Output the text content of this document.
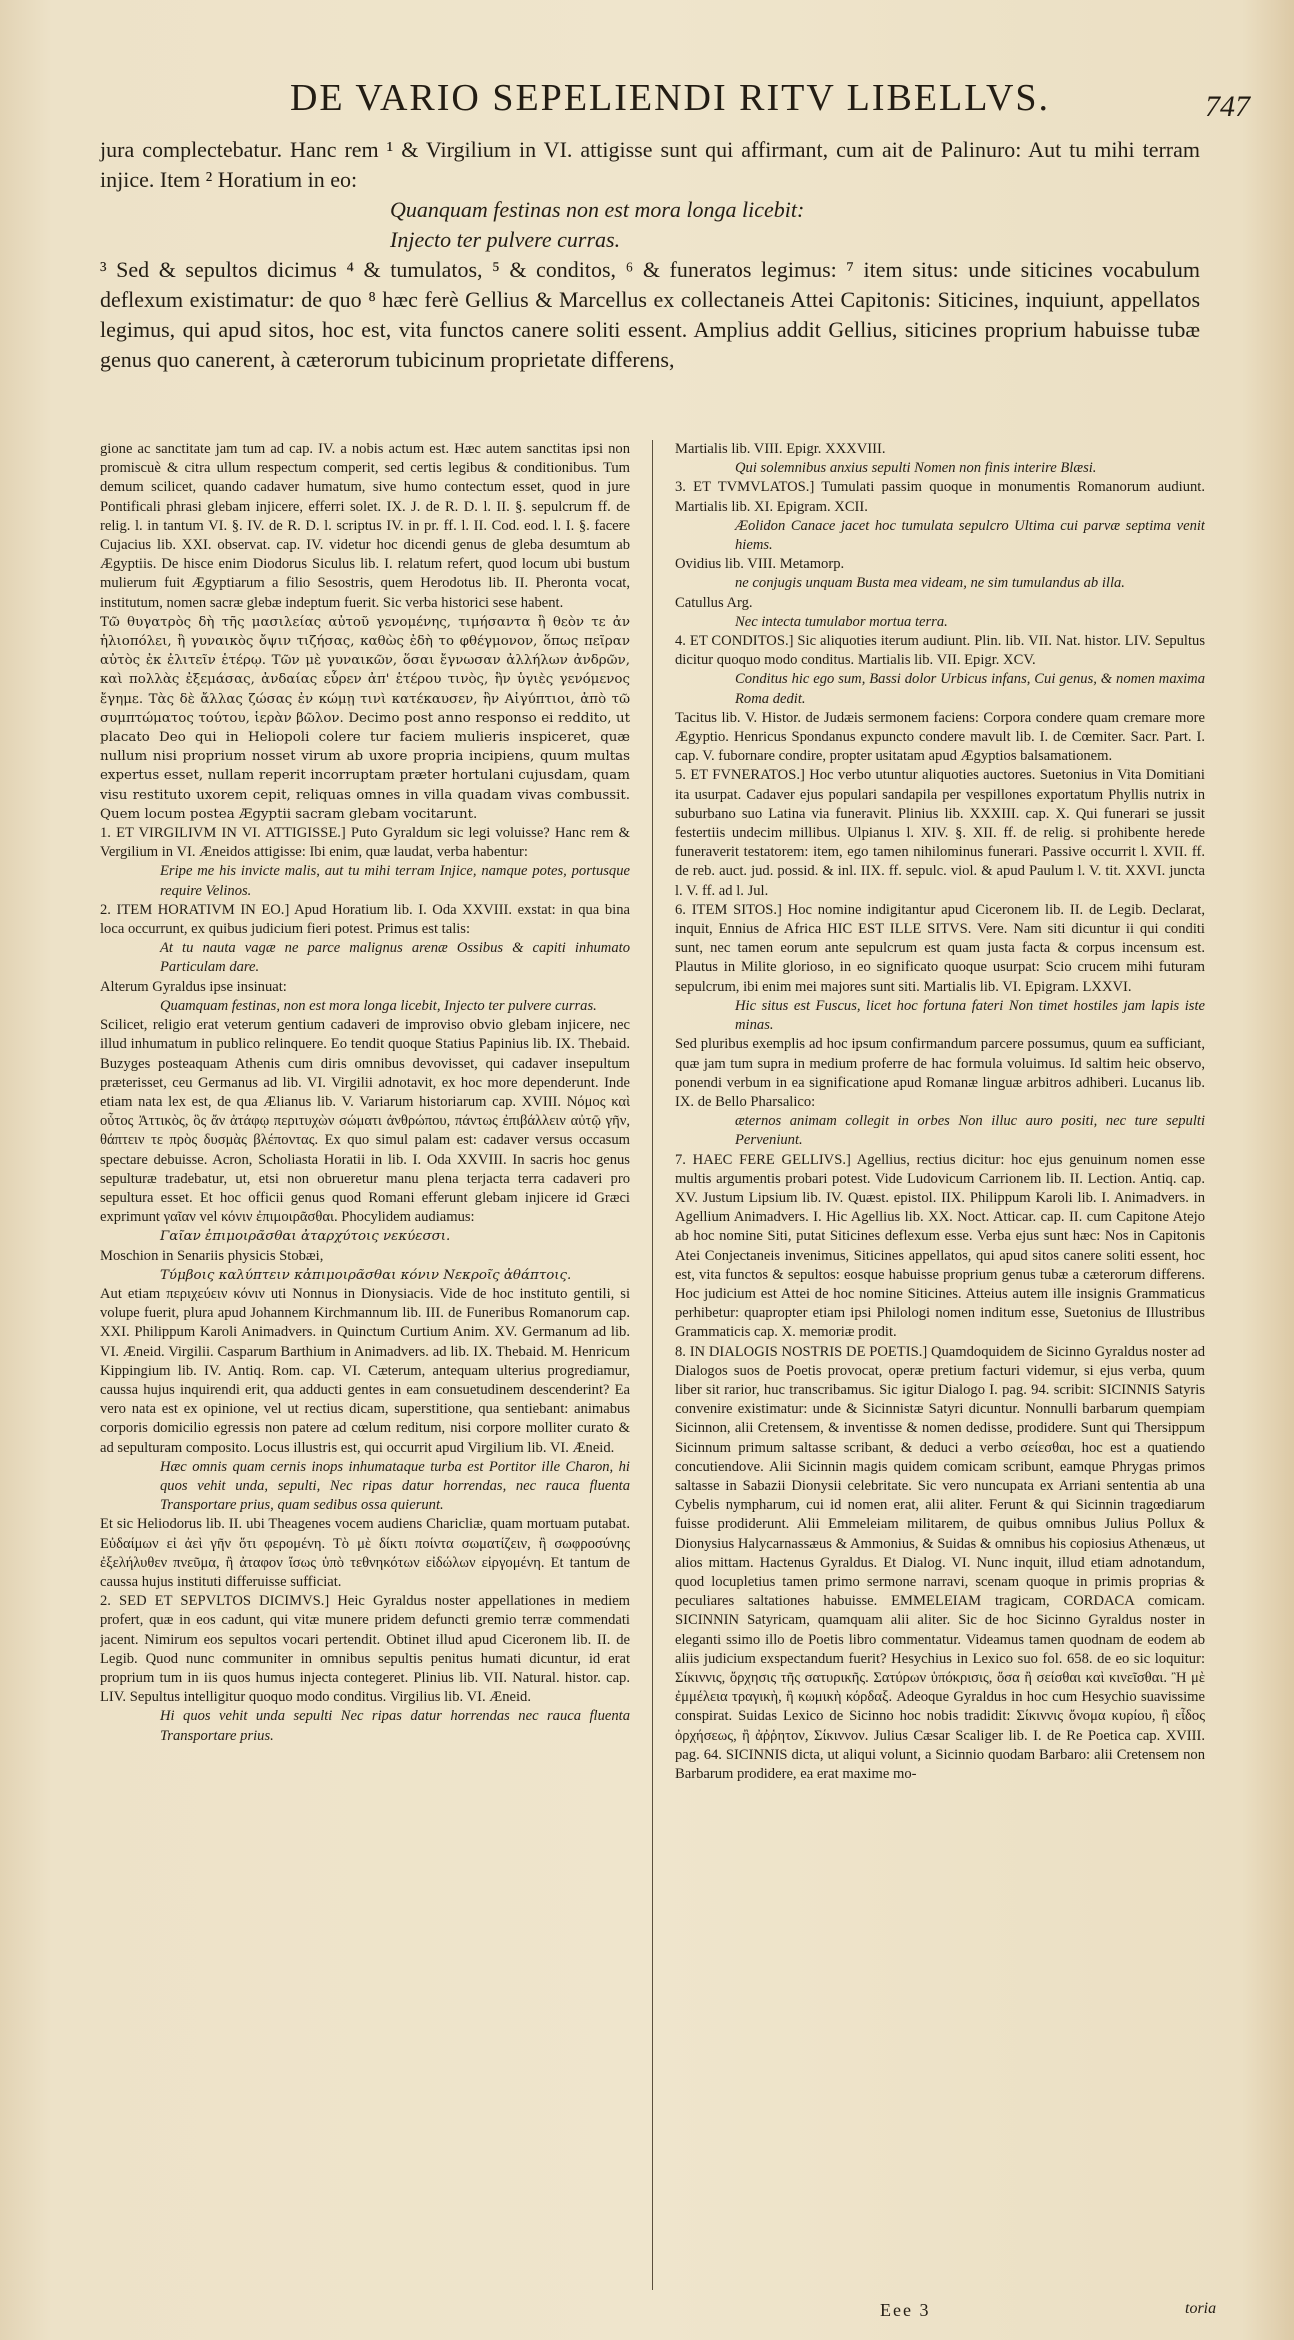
DE VARIO SEPELIENDI RITV LIBELLVS.	747

jura complectebatur. Hanc rem ¹ & Virgilium in VI. attigisse sunt qui affirmant, cum ait de Palinuro: Aut tu mihi terram injice. Item ² Horatium in eo:

Quanquam festinas non est mora longa licebit:

Injecto ter pulvere curras.

³ Sed & sepultos dicimus ⁴ & tumulatos, ⁵ & conditos, ⁶ & funeratos legimus: ⁷ item situs: unde siticines vocabulum deflexum existimatur: de quo ⁸ hæc ferè Gellius & Marcellus ex collectaneis Attei Capitonis: Siticines, inquiunt, appellatos legimus, qui apud sitos, hoc est, vita functos canere soliti essent. Amplius addit Gellius, siticines proprium habuisse tubæ genus quo canerent, à cæterorum tubicinum proprietate differens,

gione ac sanctitate jam tum ad cap. IV. a nobis actum est. Hæc autem sanctitas ipsi non promiscuè & citra ullum respectum comperit, sed certis legibus & conditionibus. Tum demum scilicet, quando cadaver humatum, sive humo contectum esset, quod in jure Pontificali phrasi glebam injicere, efferri solet. IX. J. de R. D. l. II. §. sepulcrum ff. de relig. l. in tantum VI. §. IV. de R. D. l. scriptus IV. in pr. ff. l. II. Cod. eod. l. I. §. facere Cujacius lib. XXI. observat. cap. IV. videtur hoc dicendi genus de gleba desumtum ab Ægyptiis. De hisce enim Diodorus Siculus lib. I. relatum refert, quod locum ubi bustum mulierum fuit Ægyptiarum a filio Sesostris, quem Herodotus lib. II. Pheronta vocat, institutum, nomen sacræ glebæ indeptum fuerit. Sic verba historici sese habent.

Τῶ θυγατρὸς δὴ τῆς μασιλείας αὐτοῦ γενομένης, τιμήσαντα ἢ θεὸν τε ἀν ἡλιοπόλει, ἢ γυναικὸς ὄψιν τιζήσας, καθὼς ἐδὴ το φθέγμονον, ὅπως πεῖραν αὐτὸς ἐκ ἐλιτεῖν ἑτέρῳ. Τῶν μὲ γυναικῶν, ὅσαι ἔγνωσαν ἀλλήλων ἀνδρῶν, καὶ πολλὰς ἐξεμάσας, ἀνδαίας εὗρεν ἀπ' ἑτέρου τινὸς, ἣν ὑγιὲς γενόμενος ἔγημε. Τὰς δὲ ἄλλας ζώσας ἐν κώμῃ τινὶ κατέκαυσεν, ἣν Αἰγύπτιοι, ἀπὸ τῶ συμπτώματος τούτου, ἱερὰν βῶλον. Decimo post anno responso ei reddito, ut placato Deo qui in Heliopoli colere tur faciem mulieris inspiceret, quæ nullum nisi proprium nosset virum ab uxore propria incipiens, quum multas expertus esset, nullam reperit incorruptam præter hortulani cujusdam, quam visu restituto uxorem cepit, reliquas omnes in villa quadam vivas combussit. Quem locum postea Ægyptii sacram glebam vocitarunt.

1. ET VIRGILIVM IN VI. ATTIGISSE.] Puto Gyraldum sic legi voluisse? Hanc rem & Vergilium in VI. Æneidos attigisse: Ibi enim, quæ laudat, verba habentur:

Eripe me his invicte malis, aut tu mihi terram Injice, namque potes, portusque require Velinos.

2. ITEM HORATIVM IN EO.] Apud Horatium lib. I. Oda XXVIII. exstat: in qua bina loca occurrunt, ex quibus judicium fieri potest. Primus est talis:

At tu nauta vagæ ne parce malignus arenæ Ossibus & capiti inhumato Particulam dare.

Alterum Gyraldus ipse insinuat:

Quamquam festinas, non est mora longa licebit, Injecto ter pulvere curras.

Scilicet, religio erat veterum gentium cadaveri de improviso obvio glebam injicere, nec illud inhumatum in publico relinquere. Eo tendit quoque Statius Papinius lib. IX. Thebaid. Buzyges posteaquam Athenis cum diris omnibus devovisset, qui cadaver insepultum præterisset, ceu Germanus ad lib. VI. Virgilii adnotavit, ex hoc more dependerunt. Inde etiam nata lex est, de qua Ælianus lib. V. Variarum historiarum cap. XVIII. Νόμος καὶ οὗτος Ἀττικὸς, ὃς ἄν ἀτάφῳ περιτυχὼν σώματι ἀνθρώπου, πάντως ἐπιβάλλειν αὐτῷ γῆν, θάπτειν τε πρὸς δυσμὰς βλέποντας. Ex quo simul palam est: cadaver versus occasum spectare debuisse. Acron, Scholiasta Horatii in lib. I. Oda XXVIII. In sacris hoc genus sepulturæ tradebatur, ut, etsi non obrueretur manu plena terjacta terra cadaveri pro sepultura esset. Et hoc officii genus quod Romani efferunt glebam injicere id Græci exprimunt γαῖαν vel κόνιν ἐπιμοιρᾶσθαι. Phocylidem audiamus:

Γαῖαν ἐπιμοιρᾶσθαι ἀταρχύτοις νεκύεσσι.

Moschion in Senariis physicis Stobæi,

Τύμβοις καλύπτειν κἀπιμοιρᾶσθαι κόνιν Νεκροῖς ἀθάπτοις.

Aut etiam περιχεύειν κόνιν uti Nonnus in Dionysiacis. Vide de hoc instituto gentili, si volupe fuerit, plura apud Johannem Kirchmannum lib. III. de Funeribus Romanorum cap. XXI. Philippum Karoli Animadvers. in Quinctum Curtium Anim. XV. Germanum ad lib. VI. Æneid. Virgilii. Casparum Barthium in Animadvers. ad lib. IX. Thebaid. M. Henricum Kippingium lib. IV. Antiq. Rom. cap. VI. Cæterum, antequam ulterius progrediamur, caussa hujus inquirendi erit, qua adducti gentes in eam consuetudinem descenderint? Ea vero nata est ex opinione, vel ut rectius dicam, superstitione, qua sentiebant: animabus corporis domicilio egressis non patere ad cœlum reditum, nisi corpore molliter curato & ad sepulturam composito. Locus illustris est, qui occurrit apud Virgilium lib. VI. Æneid.

Hæc omnis quam cernis inops inhumataque turba est Portitor ille Charon, hi quos vehit unda, sepulti, Nec ripas datur horrendas, nec rauca fluenta Transportare prius, quam sedibus ossa quierunt.

Et sic Heliodorus lib. II. ubi Theagenes vocem audiens Charicliæ, quam mortuam putabat. Εὐδαίμων εἰ ἀεὶ γῆν ὅτι φερομένη. Τὸ μὲ δίκτι ποίντα σωματίζειν, ἢ σωφροσύνης ἐξελήλυθεν πνεῦμα, ἢ ἀταφον ἴσως ὑπὸ τεθνηκότων εἰδώλων εἰργομένη. Et tantum de caussa hujus instituti differuisse sufficiat.

2. SED ET SEPVLTOS DICIMVS.] Heic Gyraldus noster appellationes in mediem profert, quæ in eos cadunt, qui vitæ munere pridem defuncti gremio terræ commendati jacent. Nimirum eos sepultos vocari pertendit. Obtinet illud apud Ciceronem lib. II. de Legib. Quod nunc communiter in omnibus sepultis penitus humati dicuntur, id erat proprium tum in iis quos humus injecta contegeret. Plinius lib. VII. Natural. histor. cap. LIV. Sepultus intelligitur quoquo modo conditus. Virgilius lib. VI. Æneid.

Hi quos vehit unda sepulti Nec ripas datur horrendas nec rauca fluenta Transportare prius.

Martialis lib. VIII. Epigr. XXXVIII.

Qui solemnibus anxius sepulti Nomen non finis interire Blæsi.

3. ET TVMVLATOS.] Tumulati passim quoque in monumentis Romanorum audiunt. Martialis lib. XI. Epigram. XCII.

Æolidon Canace jacet hoc tumulata sepulcro Ultima cui parvæ septima venit hiems.

Ovidius lib. VIII. Metamorp.

ne conjugis unquam Busta mea videam, ne sim tumulandus ab illa.

Catullus Arg.

Nec intecta tumulabor mortua terra.

4. ET CONDITOS.] Sic aliquoties iterum audiunt. Plin. lib. VII. Nat. histor. LIV. Sepultus dicitur quoquo modo conditus. Martialis lib. VII. Epigr. XCV.

Conditus hic ego sum, Bassi dolor Urbicus infans, Cui genus, & nomen maxima Roma dedit.

Tacitus lib. V. Histor. de Judæis sermonem faciens: Corpora condere quam cremare more Ægyptio. Henricus Spondanus expuncto condere mavult lib. I. de Cœmiter. Sacr. Part. I. cap. V. fubornare condire, propter usitatam apud Ægyptios balsamationem.

5. ET FVNERATOS.] Hoc verbo utuntur aliquoties auctores. Suetonius in Vita Domitiani ita usurpat. Cadaver ejus populari sandapila per vespillones exportatum Phyllis nutrix in suburbano suo Latina via funeravit. Plinius lib. XXXIII. cap. X. Qui funerari se jussit festertiis undecim millibus. Ulpianus l. XIV. §. XII. ff. de relig. si prohibente herede funeraverit testatorem: item, ego tamen nihilominus funerari. Passive occurrit l. XVII. ff. de reb. auct. jud. possid. & inl. IIX. ff. sepulc. viol. & apud Paulum l. V. tit. XXVI. juncta l. V. ff. ad l. Jul.

6. ITEM SITOS.] Hoc nomine indigitantur apud Ciceronem lib. II. de Legib. Declarat, inquit, Ennius de Africa HIC EST ILLE SITVS. Vere. Nam siti dicuntur ii qui conditi sunt, nec tamen eorum ante sepulcrum est quam justa facta & corpus incensum est. Plautus in Milite glorioso, in eo significato quoque usurpat: Scio crucem mihi futuram sepulcrum, ibi enim mei majores sunt siti. Martialis lib. VI. Epigram. LXXVI.

Hic situs est Fuscus, licet hoc fortuna fateri Non timet hostiles jam lapis iste minas.

Sed pluribus exemplis ad hoc ipsum confirmandum parcere possumus, quum ea sufficiant, quæ jam tum supra in medium proferre de hac formula voluimus. Id saltim heic observo, ponendi verbum in ea significatione apud Romanæ linguæ arbitros adhiberi. Lucanus lib. IX. de Bello Pharsalico:

æternos animam collegit in orbes Non illuc auro positi, nec ture sepulti Perveniunt.

7. HAEC FERE GELLIVS.] Agellius, rectius dicitur: hoc ejus genuinum nomen esse multis argumentis probari potest. Vide Ludovicum Carrionem lib. II. Lection. Antiq. cap. XV. Justum Lipsium lib. IV. Quæst. epistol. IIX. Philippum Karoli lib. I. Animadvers. in Agellium Animadvers. I. Hic Agellius lib. XX. Noct. Atticar. cap. II. cum Capitone Atejo ab hoc nomine Siti, putat Siticines deflexum esse. Verba ejus sunt hæc: Nos in Capitonis Atei Conjectaneis invenimus, Siticines appellatos, qui apud sitos canere soliti essent, hoc est, vita functos & sepultos: eosque habuisse proprium genus tubæ a cæterorum differens. Hoc judicium est Attei de hoc nomine Siticines. Atteius autem ille insignis Grammaticus perhibetur: quapropter etiam ipsi Philologi nomen inditum esse, Suetonius de Illustribus Grammaticis cap. X. memoriæ prodit.

8. IN DIALOGIS NOSTRIS DE POETIS.] Quamdoquidem de Sicinno Gyraldus noster ad Dialogos suos de Poetis provocat, operæ pretium facturi videmur, si ejus verba, quum liber sit rarior, huc transcribamus. Sic igitur Dialogo I. pag. 94. scribit: SICINNIS Satyris convenire existimatur: unde & Sicinnistæ Satyri dicuntur. Nonnulli barbarum quempiam Sicinnon, alii Cretensem, & inventisse & nomen dedisse, prodidere. Sunt qui Thersippum Sicinnum primum saltasse scribant, & deduci a verbo σείεσθαι, hoc est a quatiendo concutiendove. Alii Sicinnin magis quidem comicam scribunt, eamque Phrygas primos saltasse in Sabazii Dionysii celebritate. Sic vero nuncupata ex Arriani sententia ab una Cybelis nympharum, cui id nomen erat, alii aliter. Ferunt & qui Sicinnin tragœdiarum fuisse prodiderunt. Alii Emmeleiam militarem, de quibus omnibus Julius Pollux & Dionysius Halycarnassæus & Ammonius, & Suidas & omnibus his copiosius Athenæus, ut alios mittam. Hactenus Gyraldus. Et Dialog. VI. Nunc inquit, illud etiam adnotandum, quod locupletius tamen primo sermone narravi, scenam quoque in primis proprias & peculiares saltationes habuisse. EMMELEIAM tragicam, CORDACA comicam. SICINNIN Satyricam, quamquam alii aliter. Sic de hoc Sicinno Gyraldus noster in eleganti ssimo illo de Poetis libro commentatur. Videamus tamen quodnam de eodem ab aliis judicium exspectandum fuerit? Hesychius in Lexico suo fol. 658. de eo sic loquitur: Σίκιννις, ὄρχησις τῆς σατυρικῆς. Σατύρων ὑπόκρισις, ὅσα ἢ σείσθαι καὶ κινεῖσθαι. Ἢ μὲ ἐμμέλεια τραγικὴ, ἢ κωμικὴ κόρδαξ. Adeoque Gyraldus in hoc cum Hesychio suavissime conspirat. Suidas Lexico de Sicinno hoc nobis tradidit: Σίκιννις ὄνομα κυρίου, ἢ εἶδος ὀρχήσεως, ἢ ἀῤῥητον, Σίκιννον. Julius Cæsar Scaliger lib. I. de Re Poetica cap. XVIII. pag. 64. SICINNIS dicta, ut aliqui volunt, a Sicinnio quodam Barbaro: alii Cretensem non Barbarum prodidere, ea erat maxime mo-

Eee 3	toria
